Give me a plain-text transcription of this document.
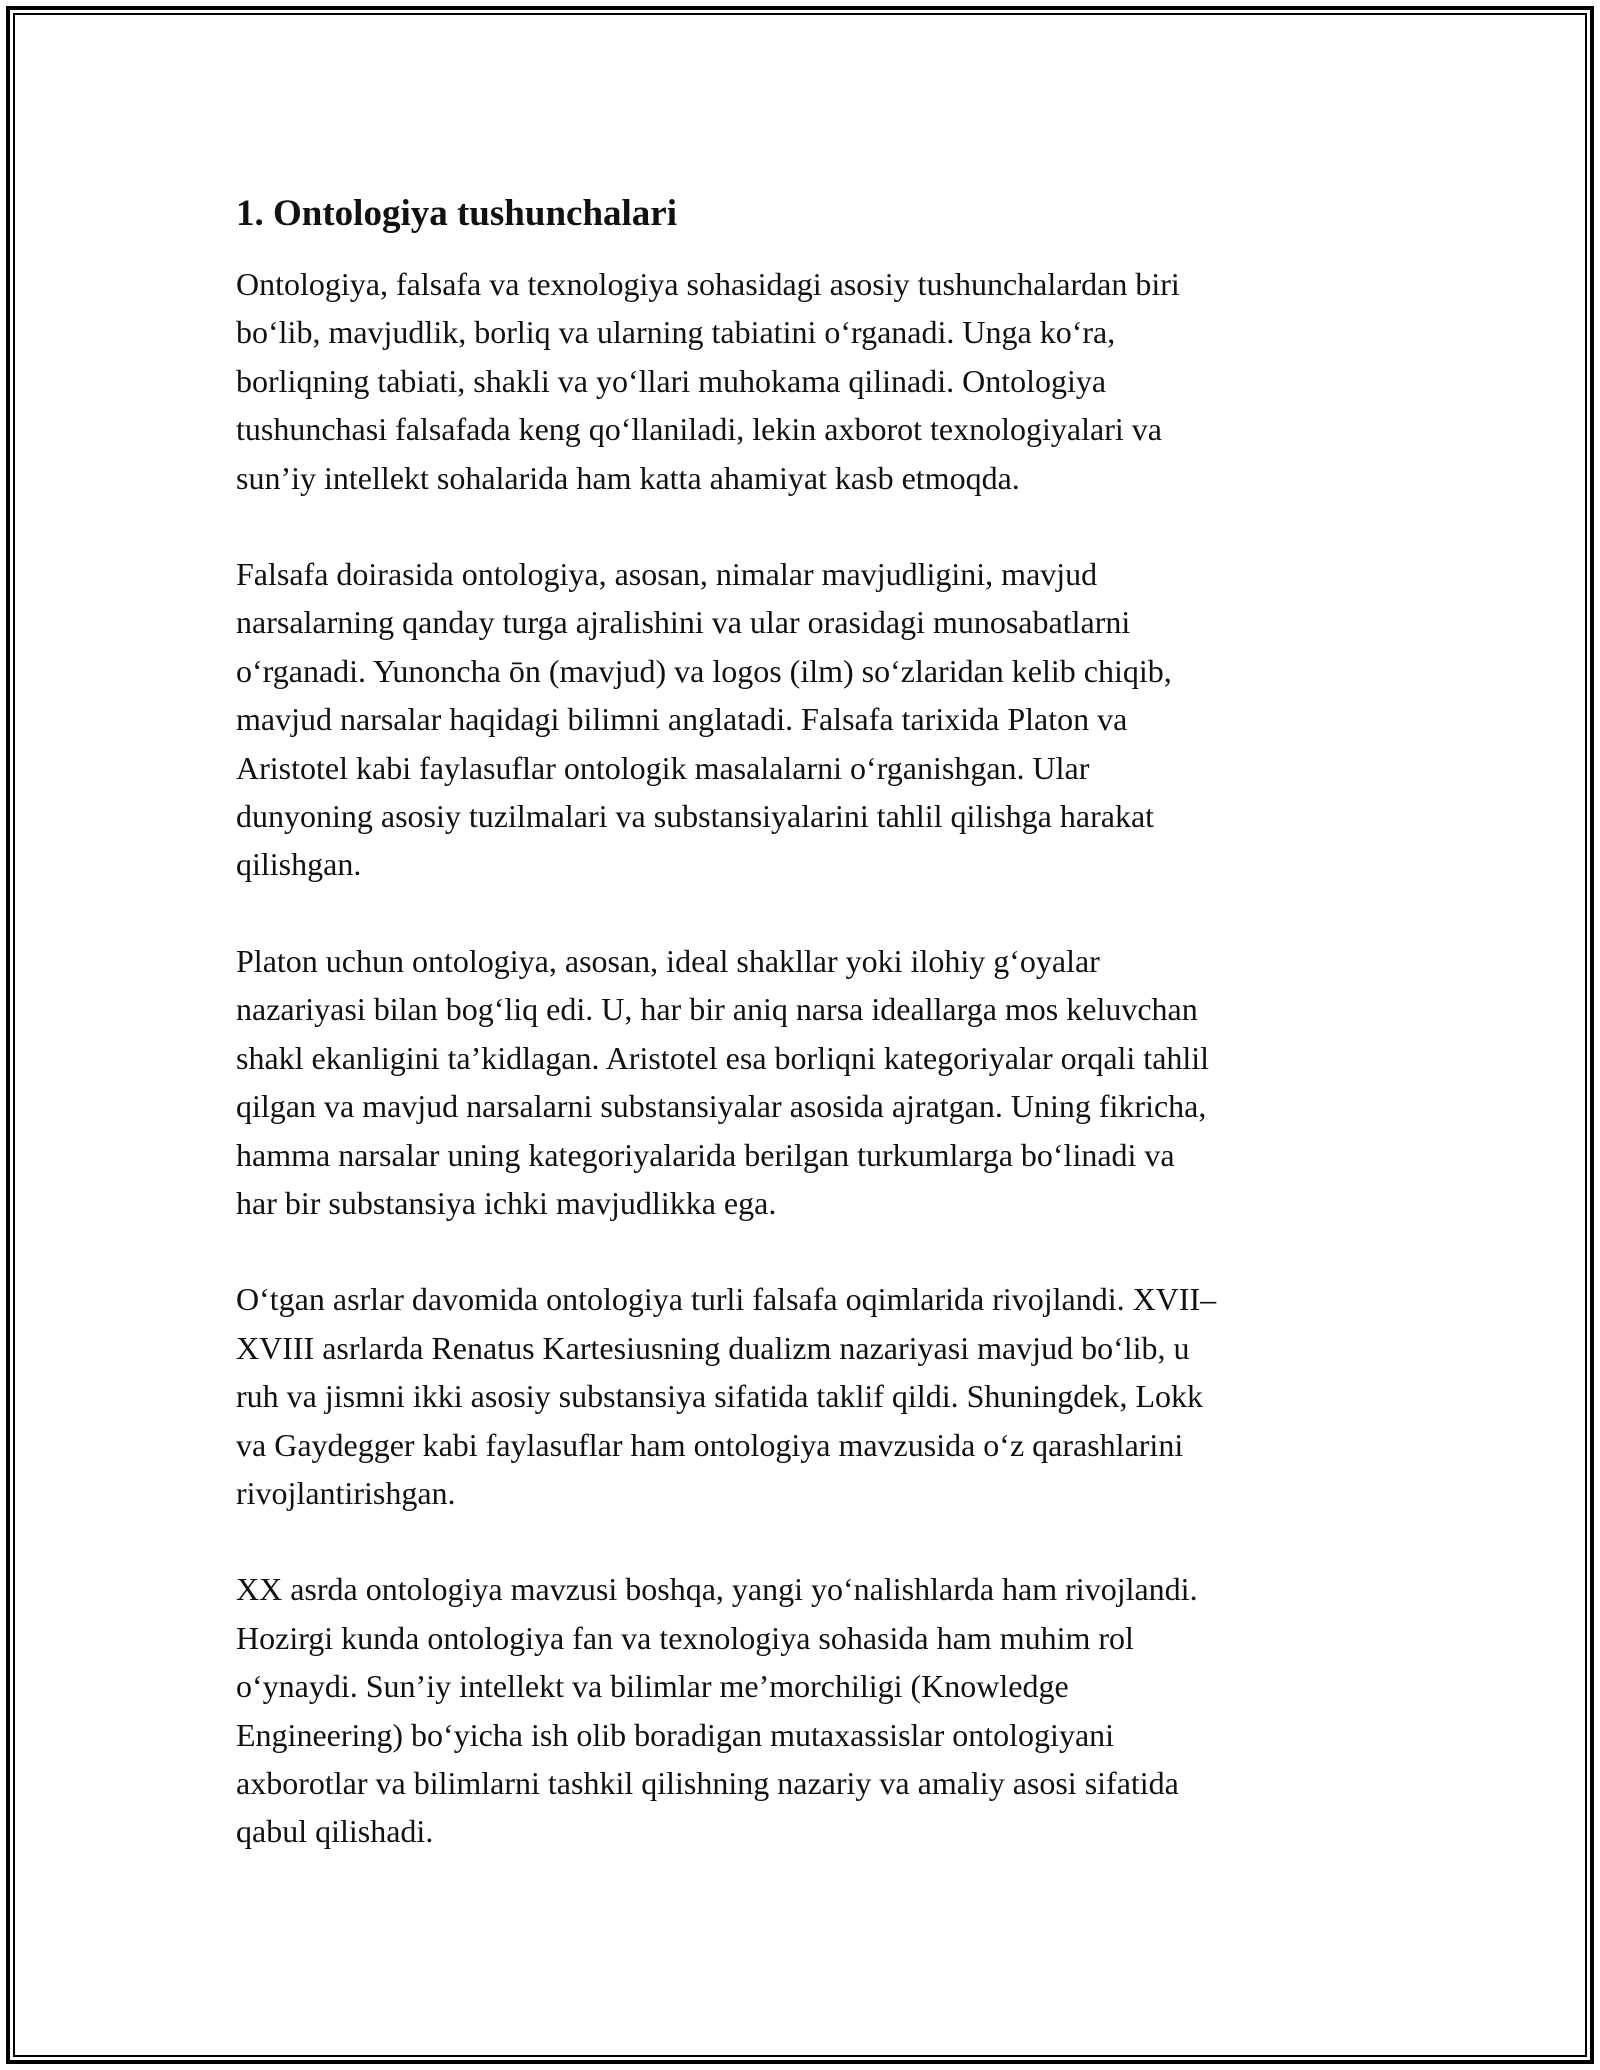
1. Ontologiya tushunchalari

Ontologiya, falsafa va texnologiya sohasidagi asosiy tushunchalardan biri
bo‘lib, mavjudlik, borliq va ularning tabiatini o‘rganadi. Unga ko‘ra,
borliqning tabiati, shakli va yo‘llari muhokama qilinadi. Ontologiya
tushunchasi falsafada keng qo‘llaniladi, lekin axborot texnologiyalari va
sun’iy intellekt sohalarida ham katta ahamiyat kasb etmoqda.

Falsafa doirasida ontologiya, asosan, nimalar mavjudligini, mavjud
narsalarning qanday turga ajralishini va ular orasidagi munosabatlarni
o‘rganadi. Yunoncha ōn (mavjud) va logos (ilm) so‘zlaridan kelib chiqib,
mavjud narsalar haqidagi bilimni anglatadi. Falsafa tarixida Platon va
Aristotel kabi faylasuflar ontologik masalalarni o‘rganishgan. Ular
dunyoning asosiy tuzilmalari va substansiyalarini tahlil qilishga harakat
qilishgan.

Platon uchun ontologiya, asosan, ideal shakllar yoki ilohiy g‘oyalar
nazariyasi bilan bog‘liq edi. U, har bir aniq narsa ideallarga mos keluvchan
shakl ekanligini ta’kidlagan. Aristotel esa borliqni kategoriyalar orqali tahlil
qilgan va mavjud narsalarni substansiyalar asosida ajratgan. Uning fikricha,
hamma narsalar uning kategoriyalarida berilgan turkumlarga bo‘linadi va
har bir substansiya ichki mavjudlikka ega.

O‘tgan asrlar davomida ontologiya turli falsafa oqimlarida rivojlandi. XVII–
XVIII asrlarda Renatus Kartesiusning dualizm nazariyasi mavjud bo‘lib, u
ruh va jismni ikki asosiy substansiya sifatida taklif qildi. Shuningdek, Lokk
va Gaydegger kabi faylasuflar ham ontologiya mavzusida o‘z qarashlarini
rivojlantirishgan.

XX asrda ontologiya mavzusi boshqa, yangi yo‘nalishlarda ham rivojlandi.
Hozirgi kunda ontologiya fan va texnologiya sohasida ham muhim rol
o‘ynaydi. Sun’iy intellekt va bilimlar me’morchiligi (Knowledge
Engineering) bo‘yicha ish olib boradigan mutaxassislar ontologiyani
axborotlar va bilimlarni tashkil qilishning nazariy va amaliy asosi sifatida
qabul qilishadi.
